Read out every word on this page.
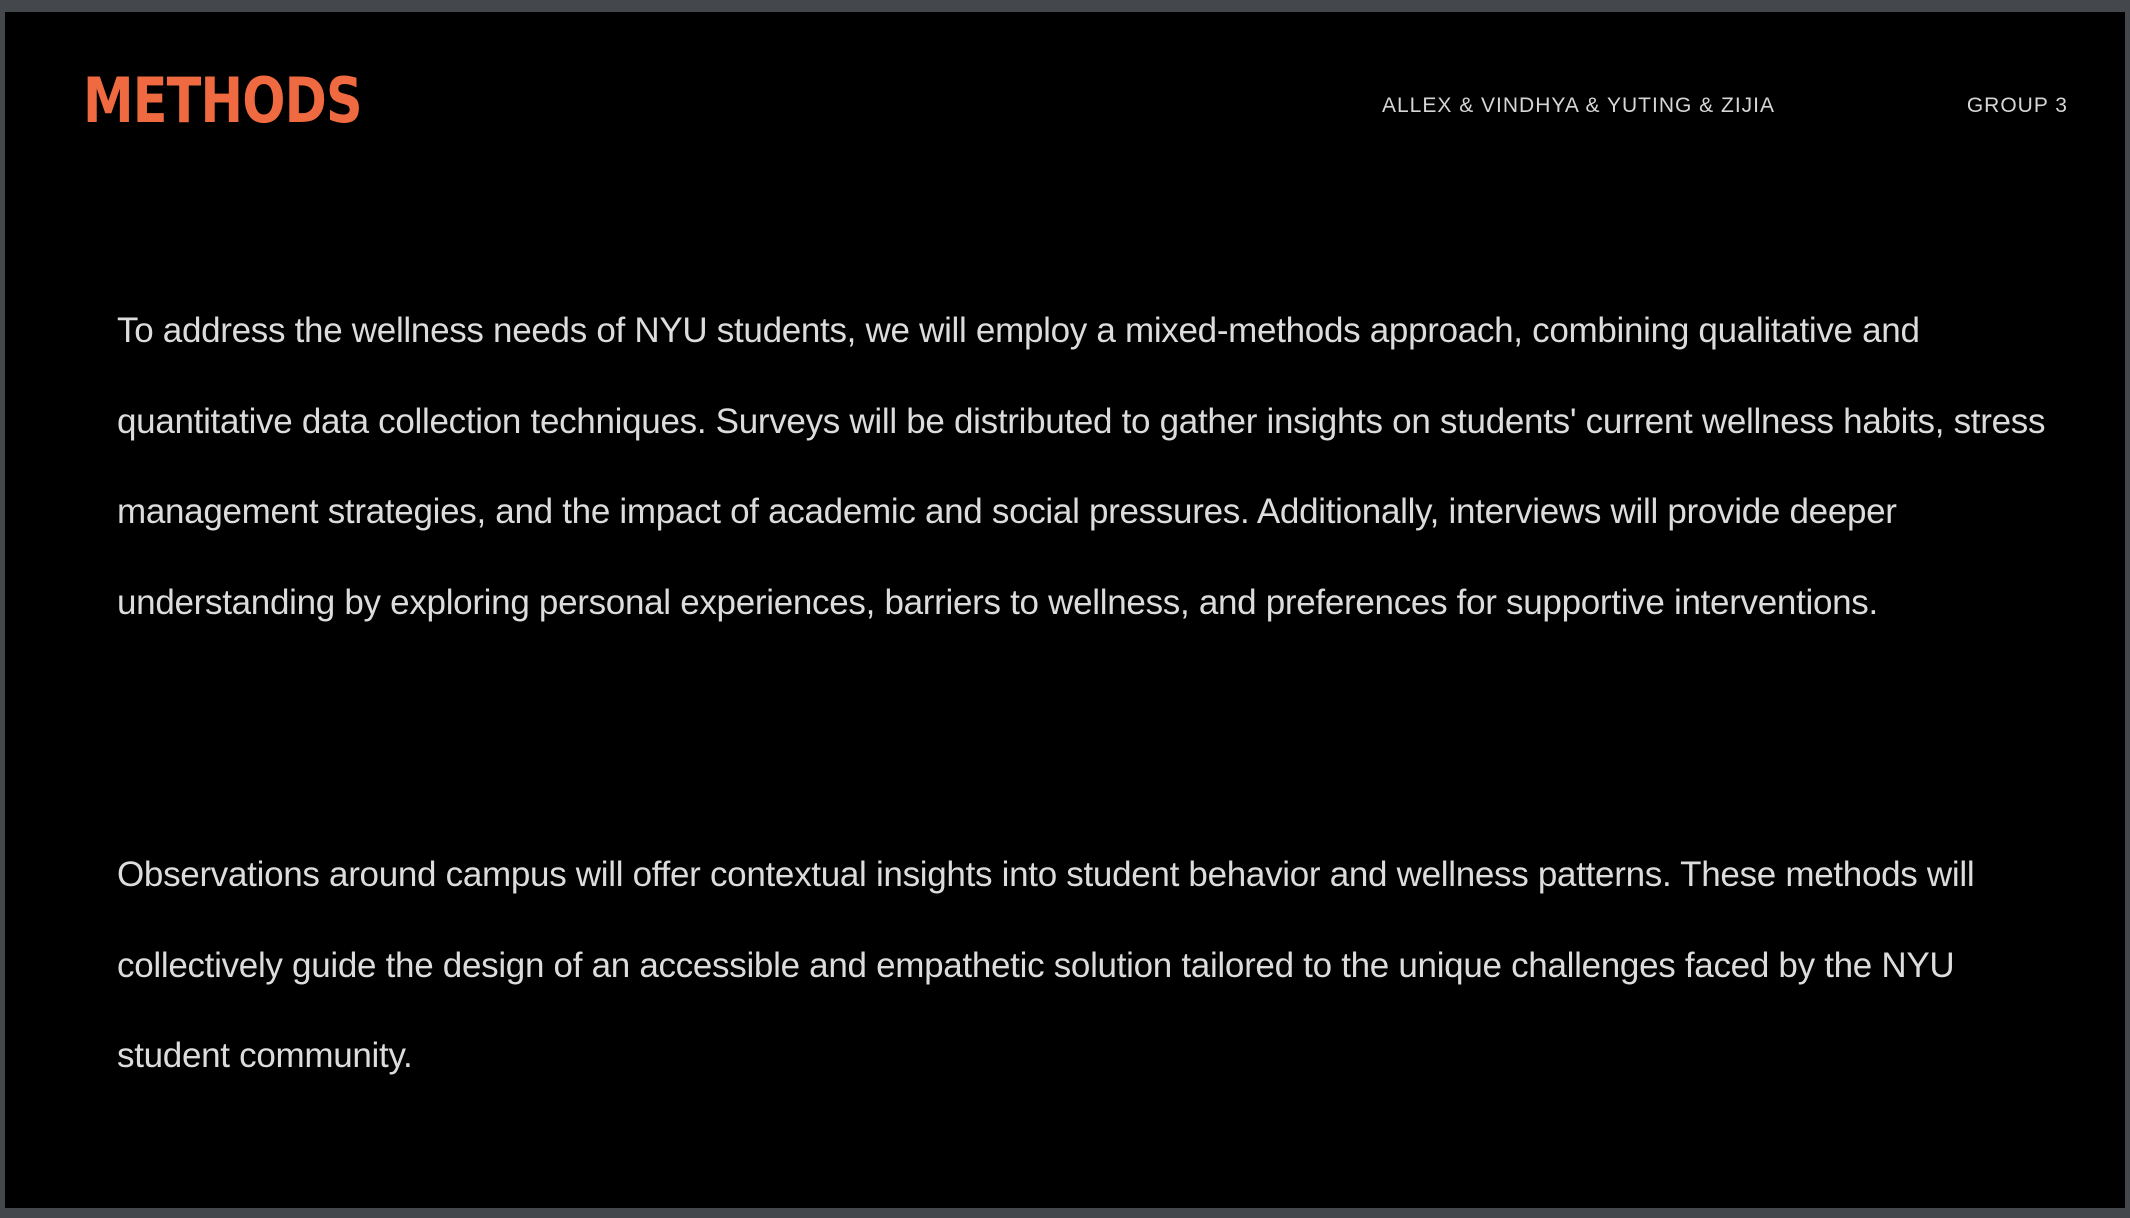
METHODS	ALLEX & VINDHYA & YUTING & ZIJIA	GROUP 3

To address the wellness needs of NYU students, we will employ a mixed-methods approach, combining qualitative and quantitative data collection techniques. Surveys will be distributed to gather insights on students' current wellness habits, stress management strategies, and the impact of academic and social pressures. Additionally, interviews will provide deeper understanding by exploring personal experiences, barriers to wellness, and preferences for supportive interventions.

Observations around campus will offer contextual insights into student behavior and wellness patterns. These methods will collectively guide the design of an accessible and empathetic solution tailored to the unique challenges faced by the NYU student community.
